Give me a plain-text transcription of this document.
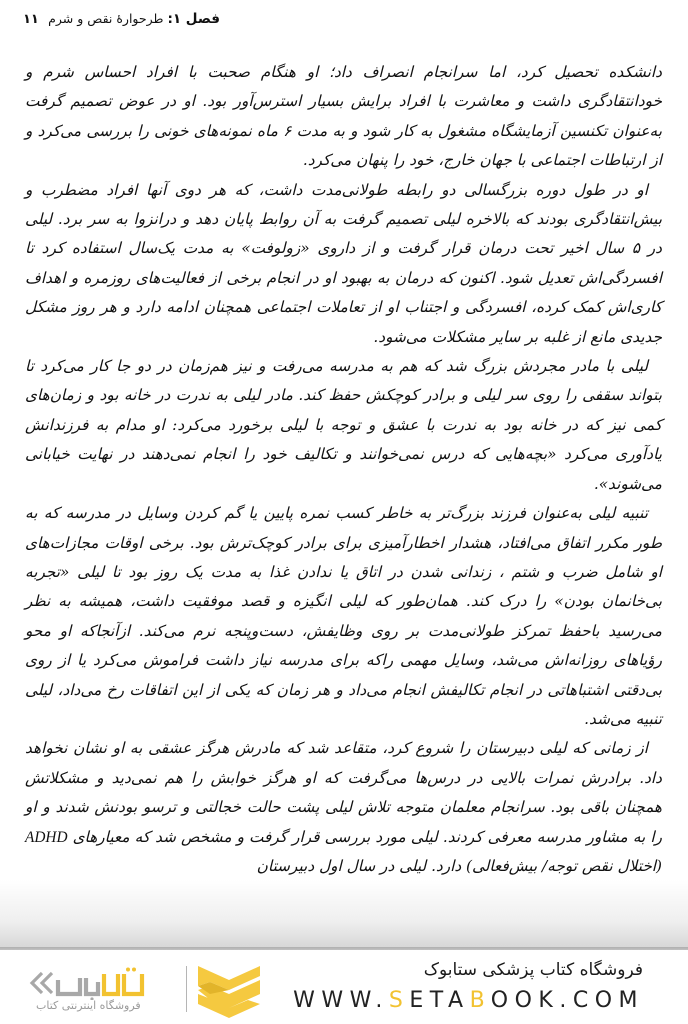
فصل ۱: طرحوارهٔ نقص و شرم
۱۱

دانشکده تحصیل کرد، اما سرانجام انصراف داد؛ او هنگام صحبت با افراد احساس شرم و خودانتقادگری داشت و معاشرت با افراد برایش بسیار استرس‌آور بود. او در عوض تصمیم گرفت به‌عنوان تکنسین آزمایشگاه مشغول به کار شود و به مدت ۶ ماه نمونه‌های خونی را بررسی می‌کرد و از ارتباطات اجتماعی با جهان خارج، خود را پنهان می‌کرد.

او در طول دوره بزرگسالی دو رابطه طولانی‌مدت داشت، که هر دوی آنها افراد مضطرب و بیش‌انتقادگری بودند که بالاخره لیلی تصمیم گرفت به آن روابط پایان دهد و درانزوا به سر برد. لیلی در ۵ سال اخیر تحت درمان قرار گرفت و از داروی «زولوفت» به مدت یک‌سال استفاده کرد تا افسردگی‌اش تعدیل شود. اکنون که درمان به بهبود او در انجام برخی از فعالیت‌های روزمره و اهداف کاری‌اش کمک کرده، افسردگی و اجتناب او از تعاملات اجتماعی همچنان ادامه دارد و هر روز مشکل جدیدی مانع از غلبه بر سایر مشکلات می‌شود.

لیلی با مادر مجردش بزرگ شد که هم به مدرسه می‌رفت و نیز هم‌زمان در دو جا کار می‌کرد تا بتواند سقفی را روی سر لیلی و برادر کوچکش حفظ کند. مادر لیلی به ندرت در خانه بود و زمان‌های کمی نیز که در خانه بود به ندرت با عشق و توجه با لیلی برخورد می‌کرد: او مدام به فرزندانش یادآوری می‌کرد «بچه‌هایی که درس نمی‌خوانند و تکالیف خود را انجام نمی‌دهند در نهایت خیابانی می‌شوند».

تنبیه لیلی به‌عنوان فرزند بزرگ‌تر به خاطر کسب نمره پایین یا گم کردن وسایل در مدرسه که به طور مکرر اتفاق می‌افتاد، هشدار اخطارآمیزی برای برادر کوچک‌ترش بود. برخی اوقات مجازات‌های او شامل ضرب و شتم ، زندانی شدن در اتاق یا ندادن غذا به مدت یک روز بود تا لیلی «تجربه بی‌خانمان بودن» را درک کند. همان‌طور که لیلی انگیزه و قصد موفقیت داشت، همیشه به نظر می‌رسید باحفظ تمرکز طولانی‌مدت بر روی وظایفش، دست‌وپنجه نرم می‌کند. ازآنجاکه او محو رؤیاهای روزانه‌اش می‌شد، وسایل مهمی راکه برای مدرسه نیاز داشت فراموش می‌کرد یا از روی بی‌دقتی اشتباهاتی در انجام تکالیفش انجام می‌داد و هر زمان که یکی از این اتفاقات رخ می‌داد، لیلی تنبیه می‌شد.

از زمانی که لیلی دبیرستان را شروع کرد، متقاعد شد که مادرش هرگز عشقی به او نشان نخواهد داد. برادرش نمرات بالایی در درس‌ها می‌گرفت که او هرگز خوابش را هم نمی‌دید و مشکلاتش همچنان باقی بود. سرانجام معلمان متوجه تلاش لیلی پشت حالت خجالتی و ترسو بودنش شدند و او را به مشاور مدرسه معرفی کردند. لیلی مورد بررسی قرار گرفت و مشخص شد که معیارهای ADHD (اختلال نقص توجه/ بیش‌فعالی) دارد. لیلی در سال اول دبیرستان

فروشگاه اینترنتی کتاب
فروشگاه کتاب پزشکی ستابوک
WWW.SETABOOK.COM
